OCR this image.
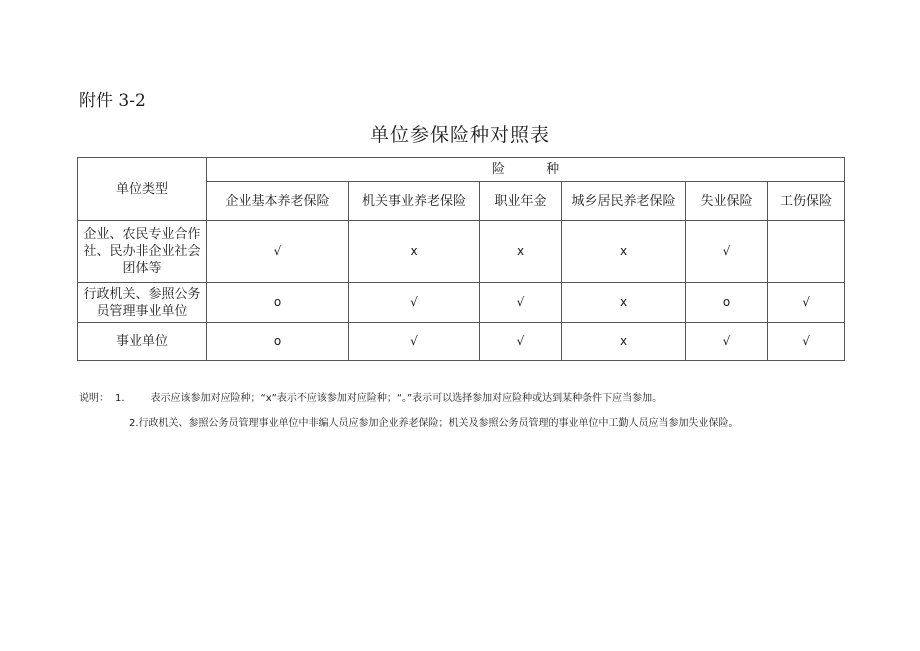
附件 3-2
单位参保险种对照表
单位类型	险          种					
	企业基本养老保险	机关事业养老保险	职业年金	城乡居民养老保险	失业保险	工伤保险
企业、农民专业合作社、民办非企业社会团体等	√	x	x	x	√	
行政机关、参照公务员管理事业单位	o	√	√	x	o	√
事业单位	o	√	√	x	√	√
说明： 1.	表示应该参加对应险种；“x”表示不应该参加对应险种；“。”表示可以选择参加对应险种或达到某种条件下应当参加。
2.行政机关、参照公务员管理事业单位中非编人员应参加企业养老保险；机关及参照公务员管理的事业单位中工勤人员应当参加失业保险。
